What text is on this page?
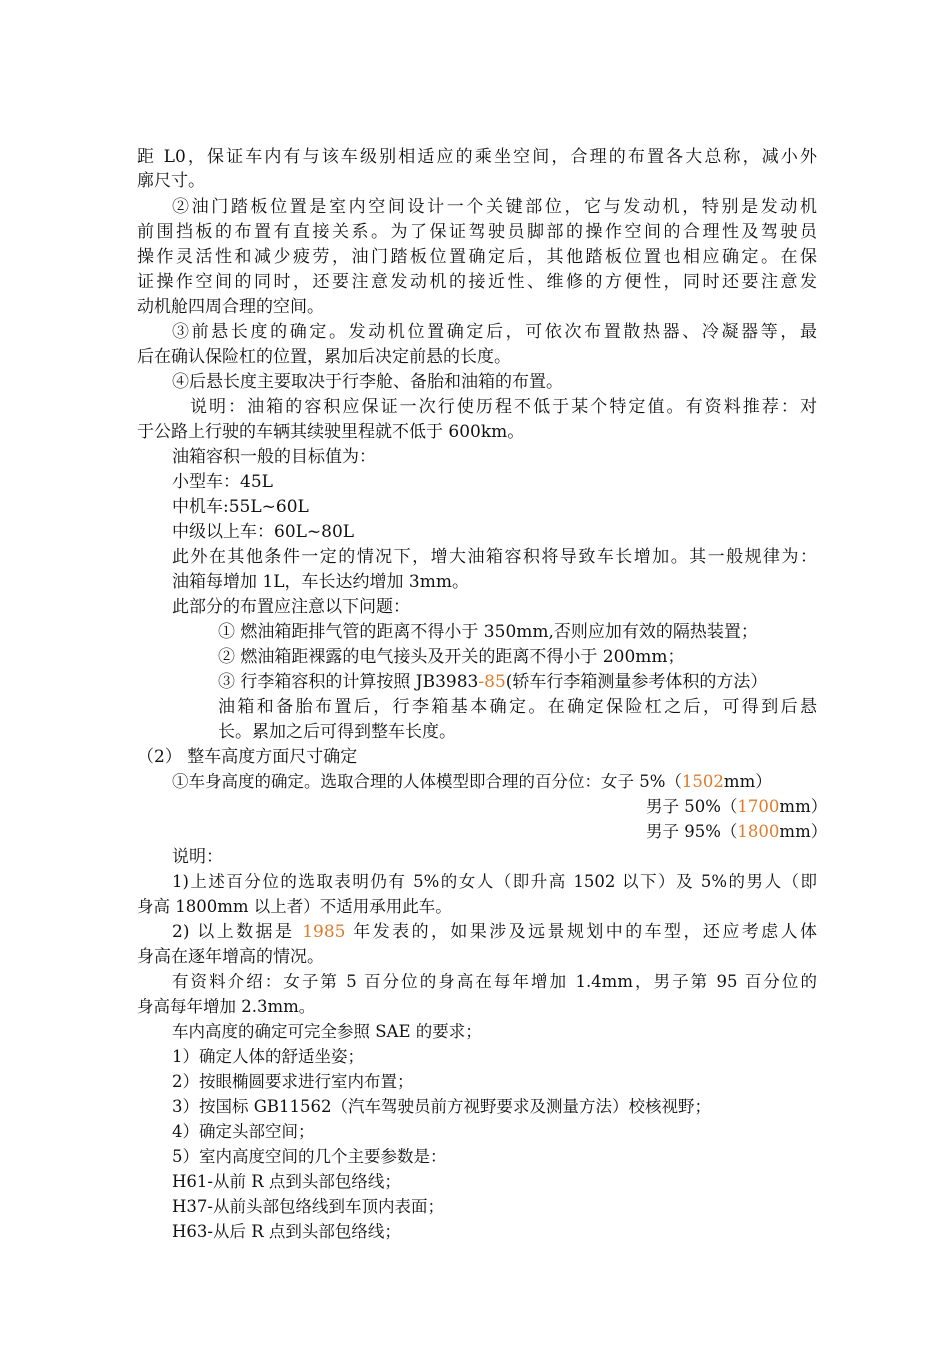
距 L0，保证车内有与该车级别相适应的乘坐空间，合理的布置各大总称，减小外
廓尺寸。
②油门踏板位置是室内空间设计一个关键部位，它与发动机，特别是发动机
前围挡板的布置有直接关系。为了保证驾驶员脚部的操作空间的合理性及驾驶员
操作灵活性和减少疲劳，油门踏板位置确定后，其他踏板位置也相应确定。在保
证操作空间的同时，还要注意发动机的接近性、维修的方便性，同时还要注意发
动机舱四周合理的空间。
③前悬长度的确定。发动机位置确定后，可依次布置散热器、冷凝器等，最
后在确认保险杠的位置，累加后决定前悬的长度。
④后悬长度主要取决于行李舱、备胎和油箱的布置。
说明：油箱的容积应保证一次行使历程不低于某个特定值。有资料推荐：对
于公路上行驶的车辆其续驶里程就不低于 600km。
油箱容积一般的目标值为：
小型车：45L
中机车:55L~60L
中级以上车：60L~80L
此外在其他条件一定的情况下，增大油箱容积将导致车长增加。其一般规律为：
油箱每增加 1L，车长达约增加 3mm。
此部分的布置应注意以下问题：
① 燃油箱距排气管的距离不得小于 350mm,否则应加有效的隔热装置；
② 燃油箱距裸露的电气接头及开关的距离不得小于 200mm；
③ 行李箱容积的计算按照 JB3983-85(轿车行李箱测量参考体积的方法）
油箱和备胎布置后，行李箱基本确定。在确定保险杠之后，可得到后悬
长。累加之后可得到整车长度。
（2） 整车高度方面尺寸确定
①车身高度的确定。选取合理的人体模型即合理的百分位：女子 5%（1502mm）
男子 50%（1700mm）
男子 95%（1800mm）
说明：
1)上述百分位的选取表明仍有 5%的女人（即升高 1502 以下）及 5%的男人（即
身高 1800mm 以上者）不适用承用此车。
2) 以上数据是 1985 年发表的，如果涉及远景规划中的车型，还应考虑人体
身高在逐年增高的情况。
有资料介绍：女子第 5 百分位的身高在每年增加 1.4mm，男子第 95 百分位的
身高每年增加 2.3mm。
车内高度的确定可完全参照 SAE 的要求；
1）确定人体的舒适坐姿；
2）按眼椭圆要求进行室内布置；
3）按国标 GB11562（汽车驾驶员前方视野要求及测量方法）校核视野；
4）确定头部空间；
5）室内高度空间的几个主要参数是：
H61-从前 R 点到头部包络线；
H37-从前头部包络线到车顶内表面；
H63-从后 R 点到头部包络线；
